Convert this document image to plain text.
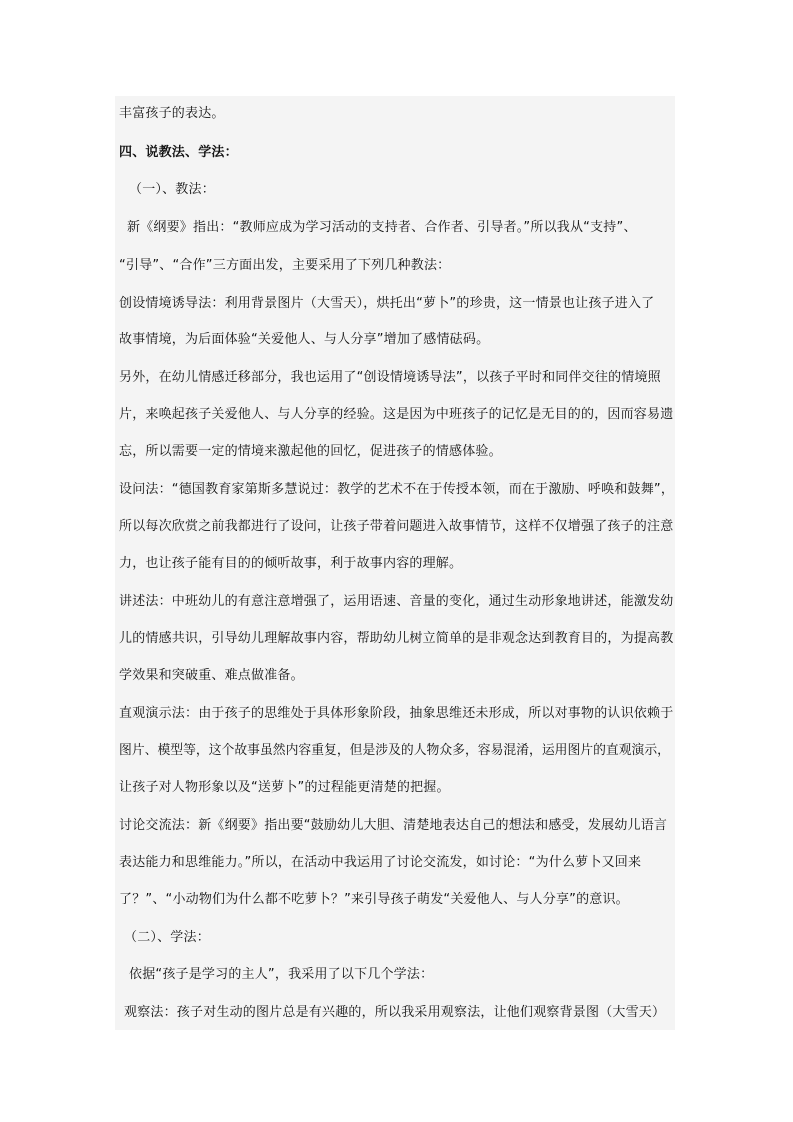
丰富孩子的表达。
四、说教法、学法：
（一）、教法：
新《纲要》指出：“教师应成为学习活动的支持者、合作者、引导者。”所以我从“支持”、
“引导”、“合作”三方面出发，主要采用了下列几种教法：
创设情境诱导法：利用背景图片（大雪天），烘托出“萝卜”的珍贵，这一情景也让孩子进入了
故事情境，为后面体验“关爱他人、与人分享”增加了感情砝码。
另外，在幼儿情感迁移部分，我也运用了“创设情境诱导法”，以孩子平时和同伴交往的情境照
片，来唤起孩子关爱他人、与人分享的经验。这是因为中班孩子的记忆是无目的的，因而容易遗
忘，所以需要一定的情境来激起他的回忆，促进孩子的情感体验。
设问法：“德国教育家第斯多慧说过：教学的艺术不在于传授本领，而在于激励、呼唤和鼓舞”，
所以每次欣赏之前我都进行了设问，让孩子带着问题进入故事情节，这样不仅增强了孩子的注意
力，也让孩子能有目的的倾听故事，利于故事内容的理解。
讲述法：中班幼儿的有意注意增强了，运用语速、音量的变化，通过生动形象地讲述，能激发幼
儿的情感共识，引导幼儿理解故事内容，帮助幼儿树立简单的是非观念达到教育目的，为提高教
学效果和突破重、难点做准备。
直观演示法：由于孩子的思维处于具体形象阶段，抽象思维还未形成，所以对事物的认识依赖于
图片、模型等，这个故事虽然内容重复，但是涉及的人物众多，容易混淆，运用图片的直观演示，
让孩子对人物形象以及“送萝卜”的过程能更清楚的把握。
讨论交流法：新《纲要》指出要“鼓励幼儿大胆、清楚地表达自己的想法和感受，发展幼儿语言
表达能力和思维能力。”所以，在活动中我运用了讨论交流发，如讨论：“为什么萝卜又回来
了？”、“小动物们为什么都不吃萝卜？”来引导孩子萌发“关爱他人、与人分享”的意识。
（二）、学法：
依据“孩子是学习的主人”，我采用了以下几个学法：
观察法：孩子对生动的图片总是有兴趣的，所以我采用观察法，让他们观察背景图（大雪天）
